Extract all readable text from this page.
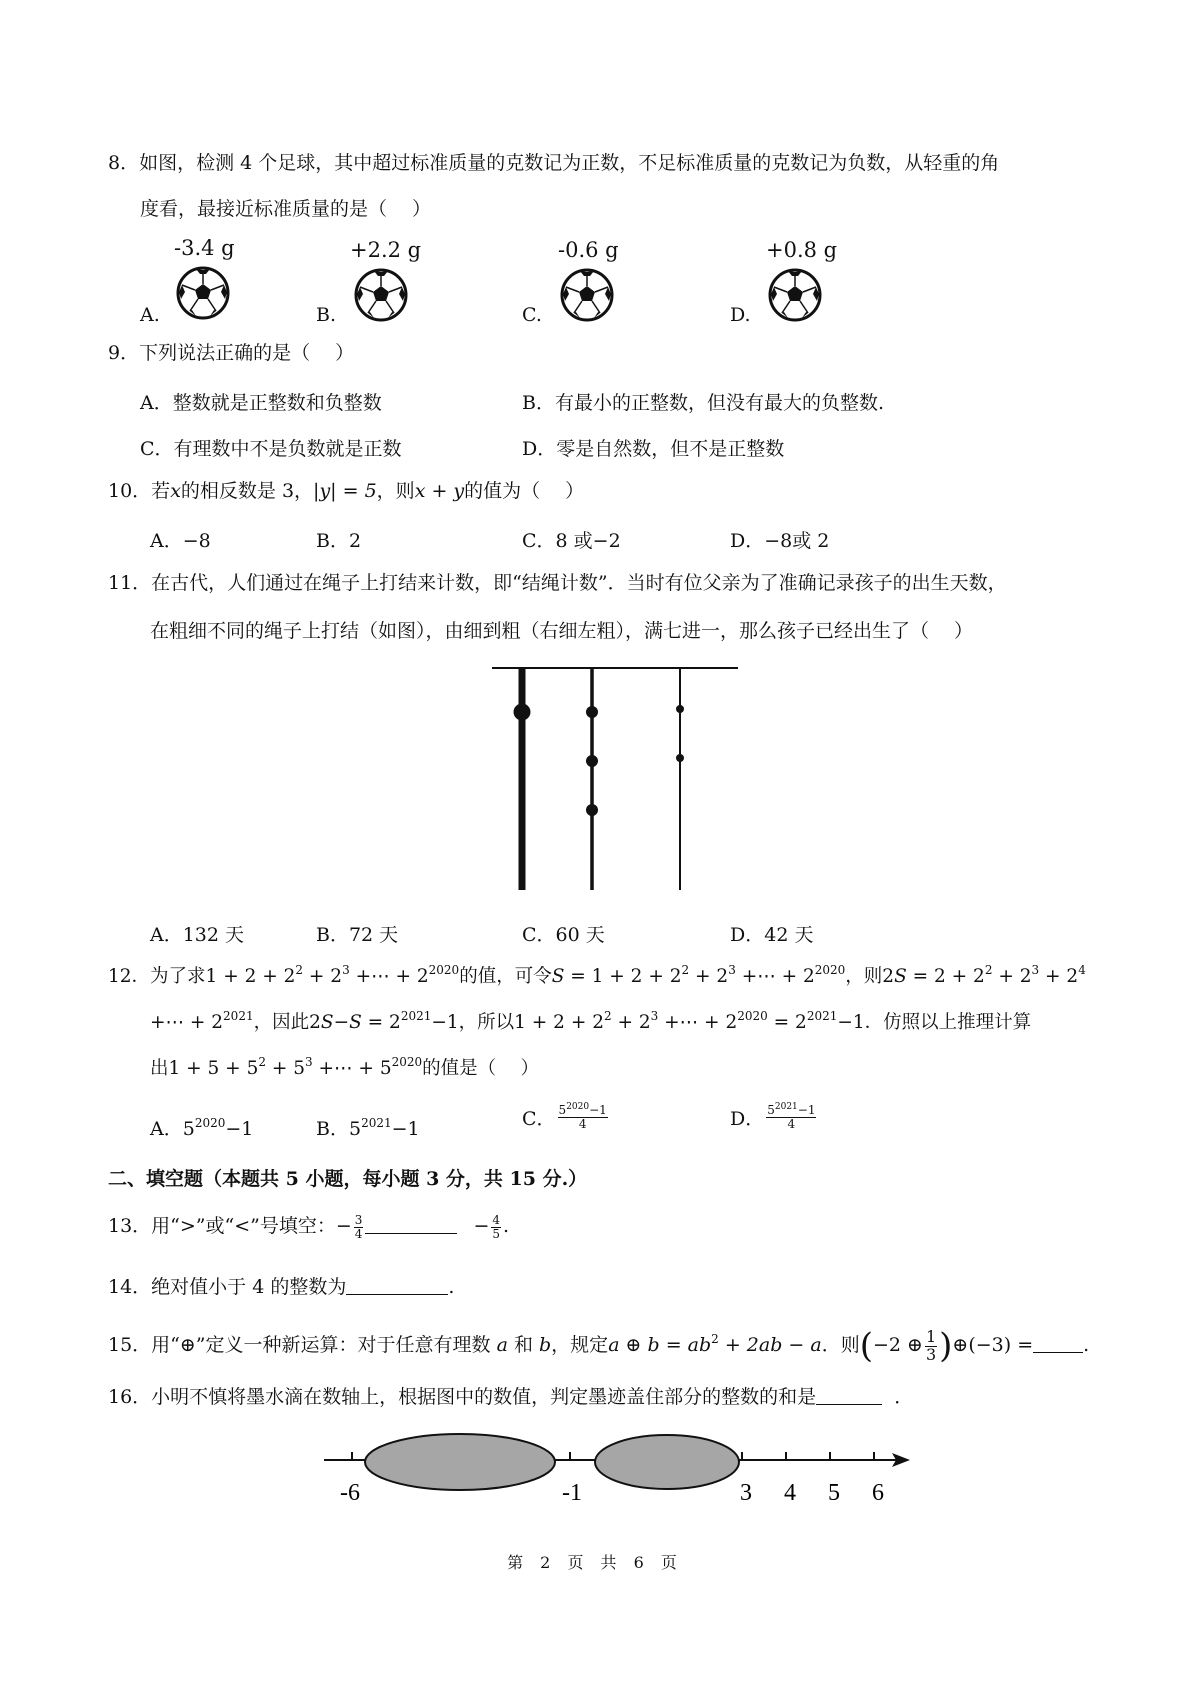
8．如图，检测 4 个足球，其中超过标准质量的克数记为正数，不足标准质量的克数记为负数，从轻重的角
度看，最接近标准质量的是（　 ）
-3.4 g	+2.2 g	-0.6 g	+0.8 g
A.	B.	C.	D.
9．下列说法正确的是（　 ）
A．整数就是正整数和负整数	B．有最小的正整数，但没有最大的负整数.
C．有理数中不是负数就是正数	D．零是自然数，但不是正整数
10．若x的相反数是 3，|y| = 5，则x + y的值为（　 ）
A．−8	B．2	C．8 或−2	D．−8或 2
11．在古代，人们通过在绳子上打结来计数，即“结绳计数”．当时有位父亲为了准确记录孩子的出生天数，
在粗细不同的绳子上打结（如图），由细到粗（右细左粗），满七进一，那么孩子已经出生了（　 ）
A．132 天	B．72 天	C．60 天	D．42 天
12．为了求$1 + 2 + 2^2 + 2^3$ +⋯ + $2^{2020}$的值，可令$S = 1 + 2 + 2^2 + 2^3$ +⋯ + $2^{2020}$，则$2S = 2 + 2^2 + 2^3 + 2^4$
+⋯ + $2^{2021}$，因此$2S-S = 2^{2021}-1$，所以$1 + 2 + 2^2 + 2^3$ +⋯ + $2^{2020} = 2^{2021}-1$．仿照以上推理计算
出$1 + 5 + 5^2 + 5^3$ +⋯ + $5^{2020}$的值是（　 ）
A．$5^{2020}-1$	B．$5^{2021}-1$	C． $\frac{5^{2020}-1}{4}$	D． $\frac{5^{2021}-1}{4}$
二、填空题（本题共 5 小题，每小题 3 分，共 15 分.）
13．用“>”或“<”号填空：− $\frac{3}{4}$	− $\frac{4}{5}$ .
14．绝对值小于 4 的整数为	.
15．用“⊕”定义一种新运算：对于任意有理数 a 和 b，规定a ⊕ $b = ab^2 + 2ab - a$．则(−2 ⊕ $\frac{1}{3}$ )⊕(−3) =	.
16．小明不慎将墨水滴在数轴上，根据图中的数值，判定墨迹盖住部分的整数的和是	．
-6	-1	3 4 5 6
第 2 页 共 6 页
